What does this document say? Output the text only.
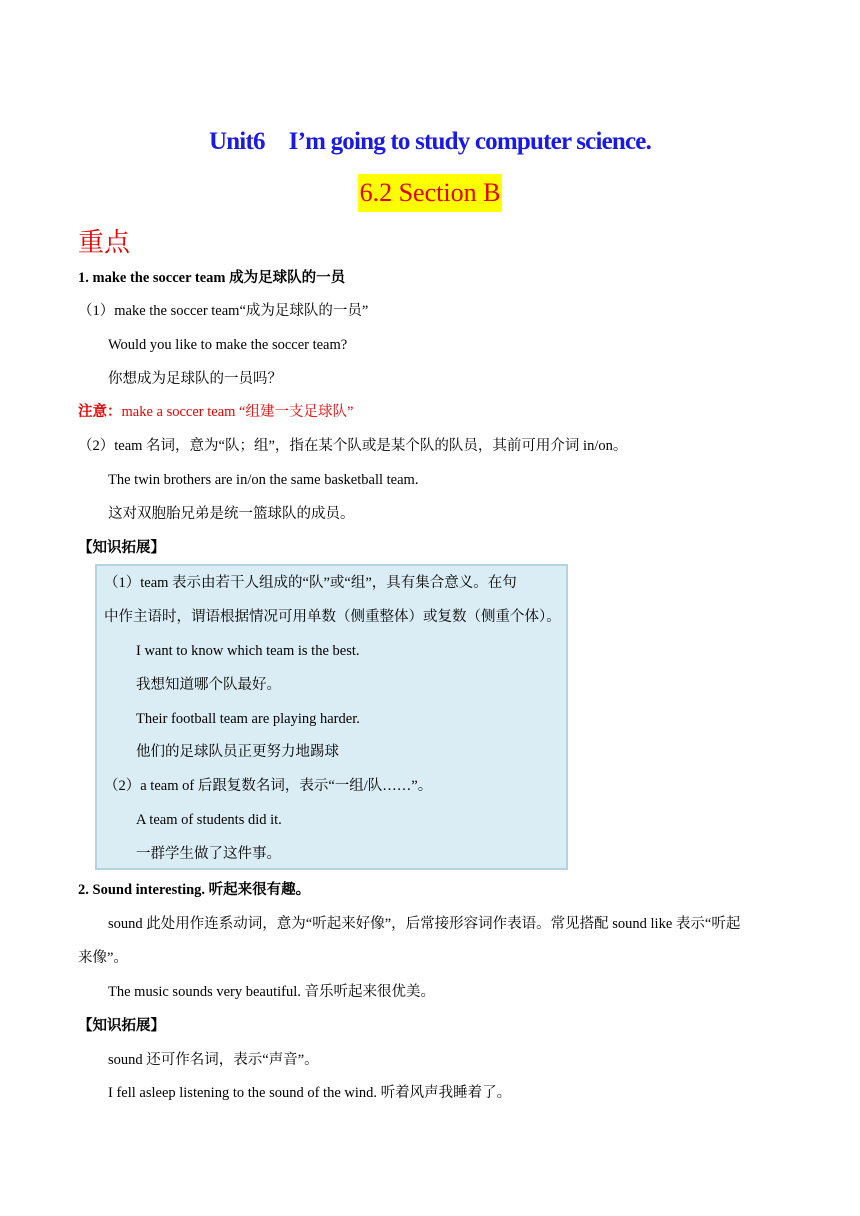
Unit6 I’m going to study computer science.
6.2 Section B
重点
1. make the soccer team 成为足球队的一员
（1）make the soccer team“成为足球队的一员”
Would you like to make the soccer team?
你想成为足球队的一员吗？
注意：make a soccer team “组建一支足球队”
（2）team 名词，意为“队；组”，指在某个队或是某个队的队员，其前可用介词 in/on。
The twin brothers are in/on the same basketball team.
这对双胞胎兄弟是统一篮球队的成员。
【知识拓展】
（1）team 表示由若干人组成的“队”或“组”，具有集合意义。在句
中作主语时，谓语根据情况可用单数（侧重整体）或复数（侧重个体）。
I want to know which team is the best.
我想知道哪个队最好。
Their football team are playing harder.
他们的足球队员正更努力地踢球
（2）a team of 后跟复数名词，表示“一组/队……”。
A team of students did it.
一群学生做了这件事。
2. Sound interesting. 听起来很有趣。
sound 此处用作连系动词，意为“听起来好像”，后常接形容词作表语。常见搭配 sound like 表示“听起
来像”。
The music sounds very beautiful. 音乐听起来很优美。
【知识拓展】
sound 还可作名词，表示“声音”。
I fell asleep listening to the sound of the wind. 听着风声我睡着了。
